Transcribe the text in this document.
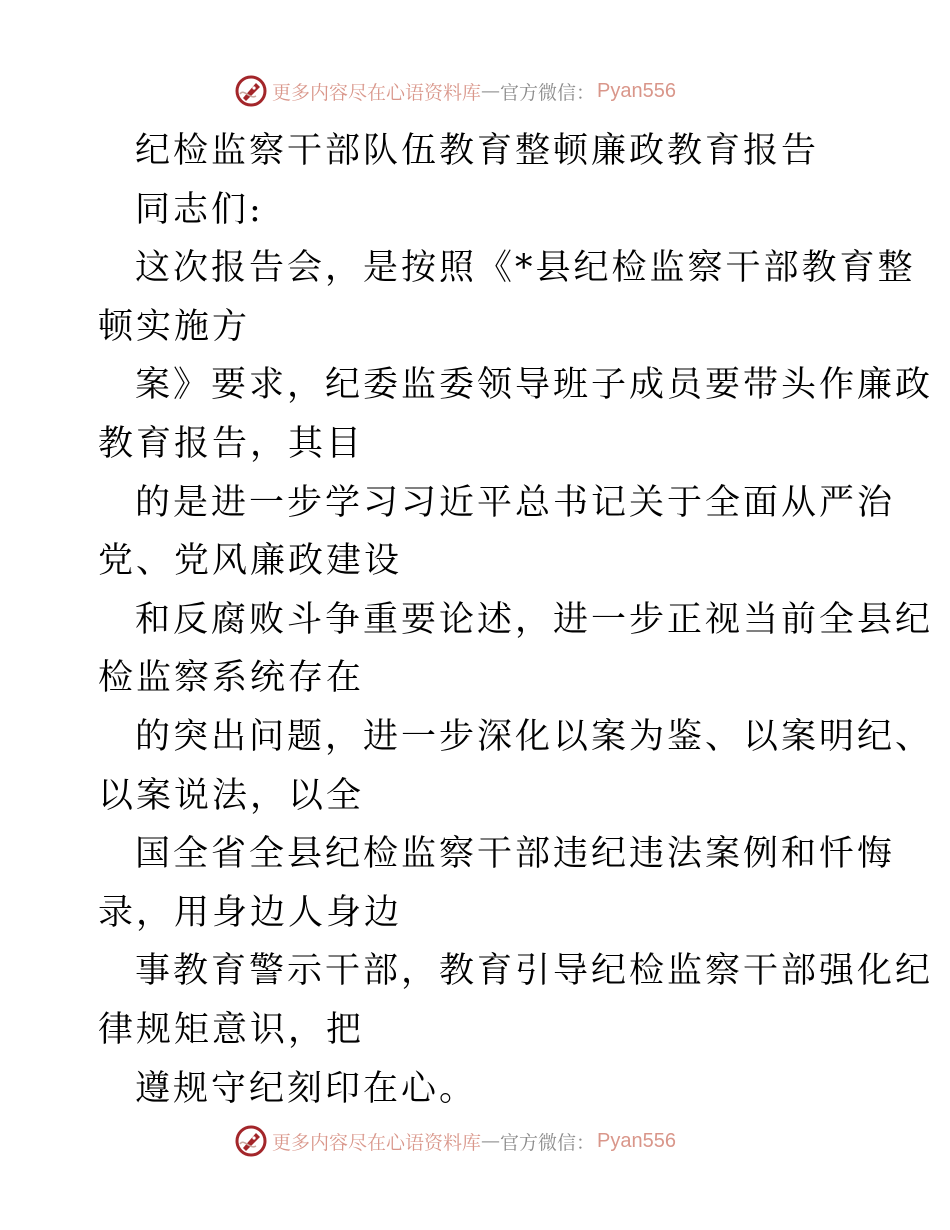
更多内容尽在心语资料库 — 官方微信： Pyan556
纪检监察干部队伍教育整顿廉政教育报告
同志们:
这次报告会，是按照《*县纪检监察干部教育整
顿实施方
案》要求，纪委监委领导班子成员要带头作廉政
教育报告，其目
的是进一步学习习近平总书记关于全面从严治
党、党风廉政建设
和反腐败斗争重要论述，进一步正视当前全县纪
检监察系统存在
的突出问题，进一步深化以案为鉴、以案明纪、
以案说法，以全
国全省全县纪检监察干部违纪违法案例和忏悔
录，用身边人身边
事教育警示干部，教育引导纪检监察干部强化纪
律规矩意识，把
遵规守纪刻印在心。
更多内容尽在心语资料库 — 官方微信： Pyan556
